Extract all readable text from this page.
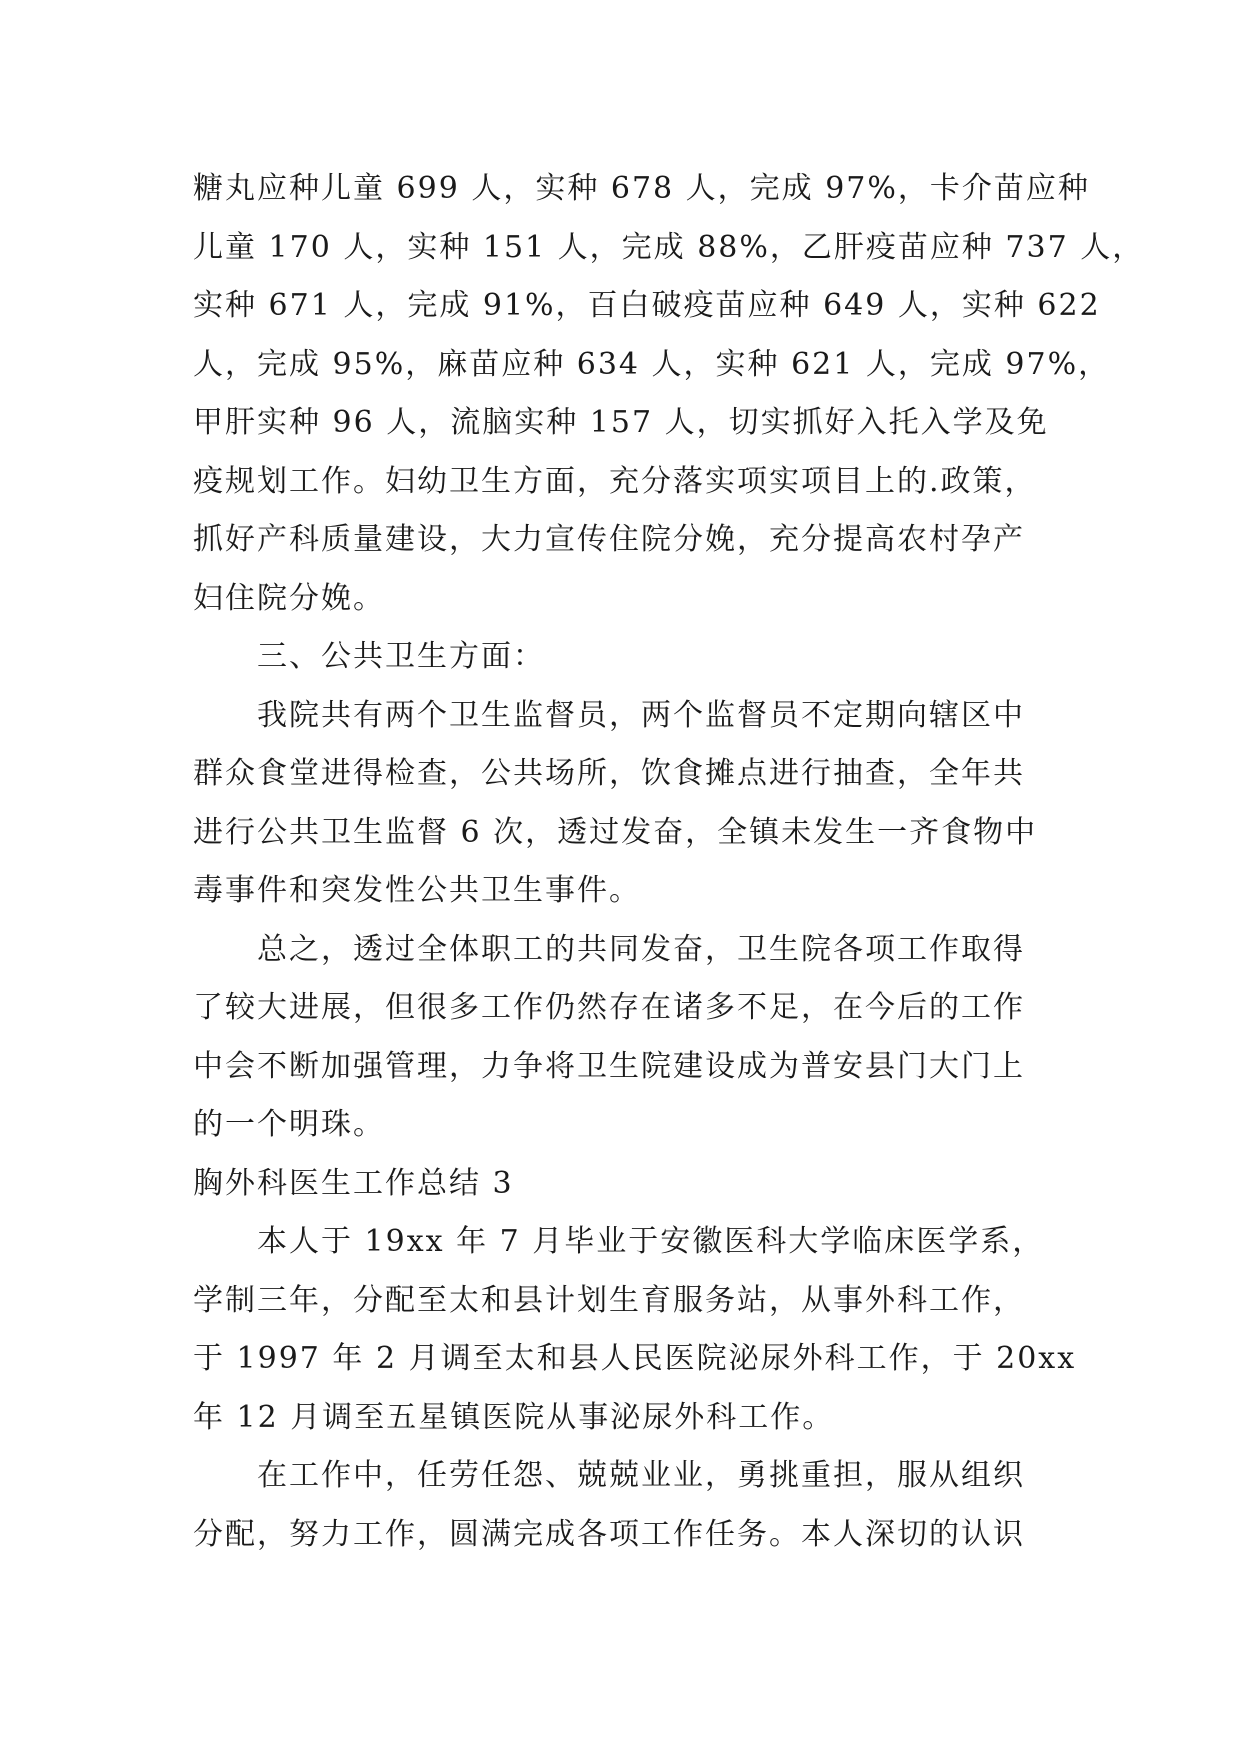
糖丸应种儿童 699 人，实种 678 人，完成 97%，卡介苗应种
儿童 170 人，实种 151 人，完成 88%，乙肝疫苗应种 737 人，
实种 671 人，完成 91%，百白破疫苗应种 649 人，实种 622
人，完成 95%，麻苗应种 634 人，实种 621 人，完成 97%，
甲肝实种 96 人，流脑实种 157 人，切实抓好入托入学及免
疫规划工作。妇幼卫生方面，充分落实项实项目上的.政策，
抓好产科质量建设，大力宣传住院分娩，充分提高农村孕产
妇住院分娩。
三、公共卫生方面：
我院共有两个卫生监督员，两个监督员不定期向辖区中
群众食堂进得检查，公共场所，饮食摊点进行抽查，全年共
进行公共卫生监督 6 次，透过发奋，全镇未发生一齐食物中
毒事件和突发性公共卫生事件。
总之，透过全体职工的共同发奋，卫生院各项工作取得
了较大进展，但很多工作仍然存在诸多不足，在今后的工作
中会不断加强管理，力争将卫生院建设成为普安县门大门上
的一个明珠。
胸外科医生工作总结 3
本人于 19xx 年 7 月毕业于安徽医科大学临床医学系，
学制三年，分配至太和县计划生育服务站，从事外科工作，
于 1997 年 2 月调至太和县人民医院泌尿外科工作，于 20xx
年 12 月调至五星镇医院从事泌尿外科工作。
在工作中，任劳任怨、兢兢业业，勇挑重担，服从组织
分配，努力工作，圆满完成各项工作任务。本人深切的认识
